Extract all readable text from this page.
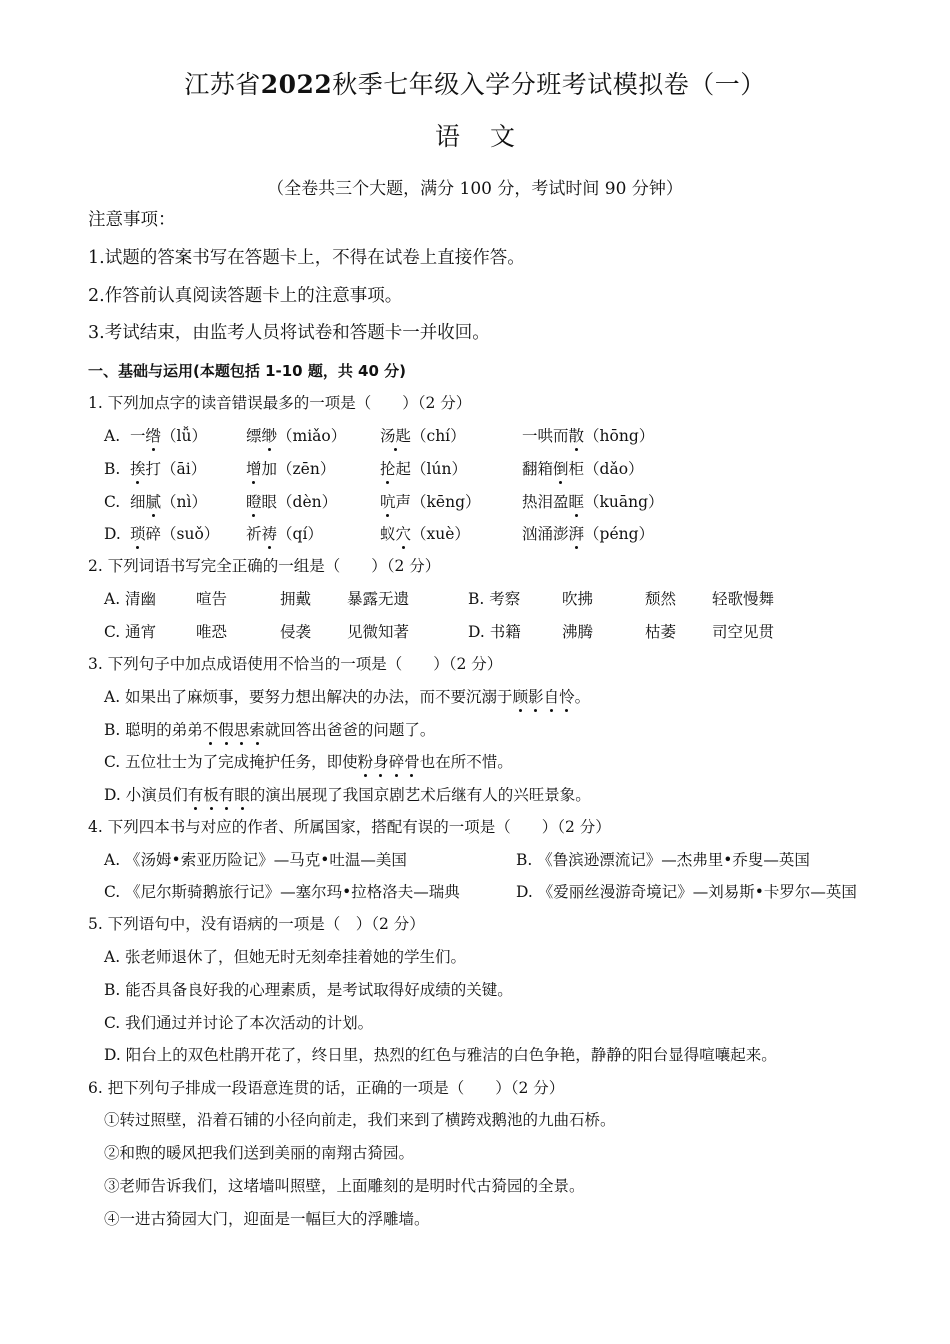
江苏省2022秋季七年级入学分班考试模拟卷（一）
语文
（全卷共三个大题，满分 100 分，考试时间 90 分钟）
注意事项：
1.试题的答案书写在答题卡上，不得在试卷上直接作答。
2.作答前认真阅读答题卡上的注意事项。
3.考试结束，由监考人员将试卷和答题卡一并收回。
一、基础与运用(本题包括 1-10 题，共 40 分)
1. 下列加点字的读音错误最多的一项是（　　）（2 分）
A. 一绺（lǚ）	缥缈（miǎo） 汤匙（chí）	一哄而散（hōng）
B. 挨打（āi）	增加（zēn）	抡起（lún）	翻箱倒柜（dǎo）
C. 细腻（nì）	瞪眼（dèn）	吭声（kēng）	热泪盈眶（kuāng）
D. 琐碎（suǒ） 祈祷（qí）	蚁穴（xuè）	汹涌澎湃（péng）
2. 下列词语书写完全正确的一组是（　　）（2 分）
A. 清幽	喧告	拥戴 暴露无遗	B. 考察	吹拂	颓然 轻歌慢舞
C. 通宵	唯恐	侵袭 见微知著	D. 书籍	沸腾	枯萎 司空见贯
3. 下列句子中加点成语使用不恰当的一项是（　　）（2 分）
A. 如果出了麻烦事，要努力想出解决的办法，而不要沉溺于顾影自怜。
B. 聪明的弟弟不假思索就回答出爸爸的问题了。
C. 五位壮士为了完成掩护任务，即使粉身碎骨也在所不惜。
D. 小演员们有板有眼的演出展现了我国京剧艺术后继有人的兴旺景象。
4. 下列四本书与对应的作者、所属国家，搭配有误的一项是（　　）（2 分）
A. 《汤姆•索亚历险记》—马克•吐温—美国	B. 《鲁滨逊漂流记》—杰弗里•乔叟—英国
C. 《尼尔斯骑鹅旅行记》—塞尔玛•拉格洛夫—瑞典	D. 《爱丽丝漫游奇境记》—刘易斯•卡罗尔—英国
5. 下列语句中，没有语病的一项是（　）（2 分）
A. 张老师退休了，但她无时无刻牵挂着她的学生们。
B. 能否具备良好我的心理素质，是考试取得好成绩的关键。
C. 我们通过并讨论了本次活动的计划。
D. 阳台上的双色杜鹃开花了，终日里，热烈的红色与雅洁的白色争艳，静静的阳台显得喧嚷起来。
6. 把下列句子排成一段语意连贯的话，正确的一项是（　　）（2 分）
①转过照壁，沿着石铺的小径向前走，我们来到了横跨戏鹅池的九曲石桥。
②和煦的暖风把我们送到美丽的南翔古猗园。
③老师告诉我们，这堵墙叫照壁，上面雕刻的是明时代古猗园的全景。
④一进古猗园大门，迎面是一幅巨大的浮雕墙。
